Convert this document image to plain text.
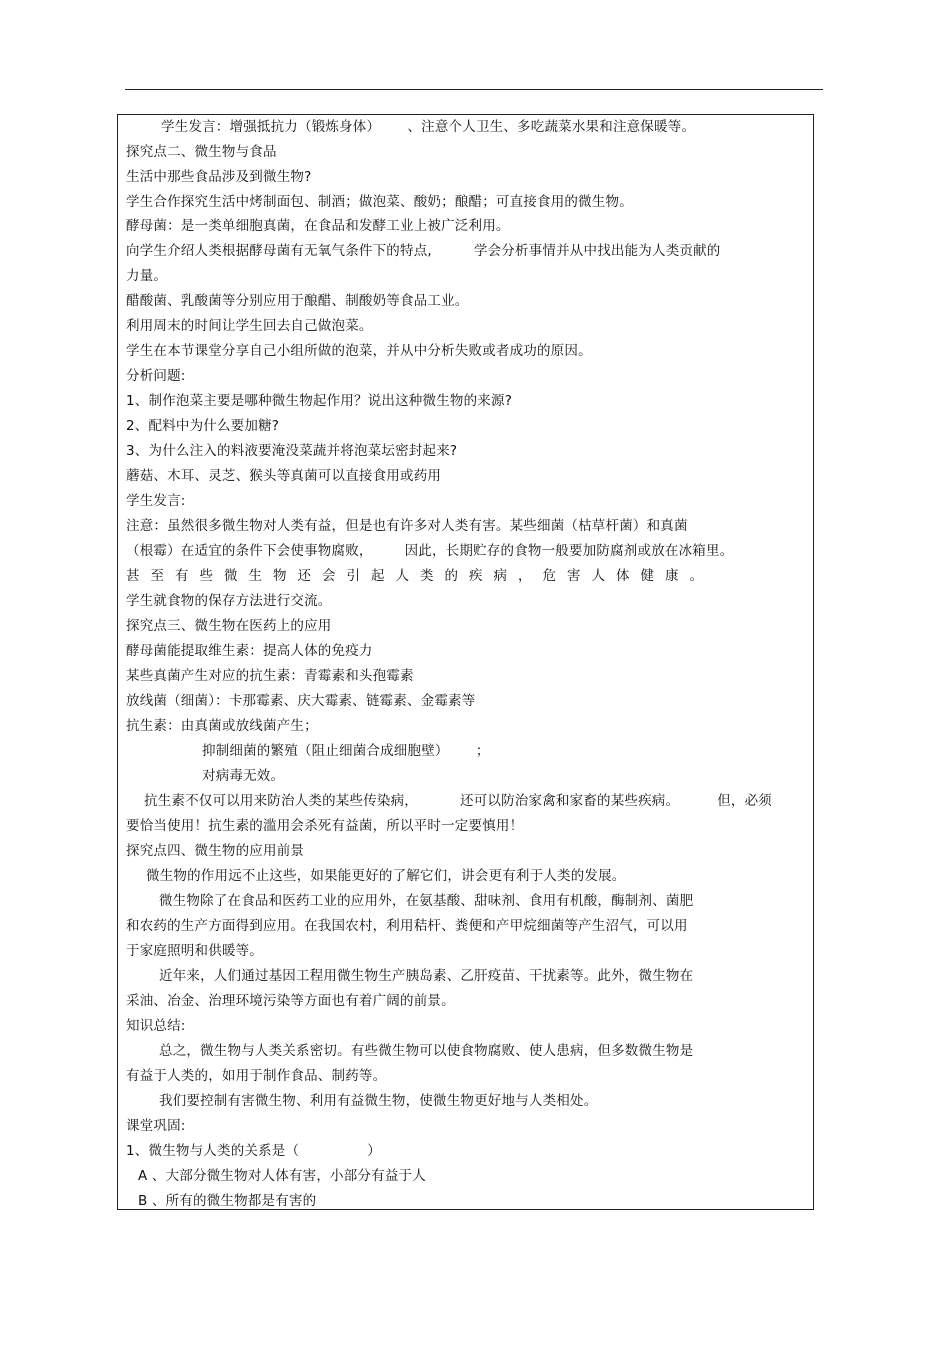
学生发言：增强抵抗力（锻炼身体）	、注意个人卫生、多吃蔬菜水果和注意保暖等。
探究点二、微生物与食品
生活中那些食品涉及到微生物?
学生合作探究生活中烤制面包、制酒；做泡菜、酸奶；酿醋；可直接食用的微生物。
酵母菌：是一类单细胞真菌，在食品和发酵工业上被广泛利用。
向学生介绍人类根据酵母菌有无氧气条件下的特点,	学会分析事情并从中找出能为人类贡献的
力量。
醋酸菌、乳酸菌等分别应用于酿醋、制酸奶等食品工业。
利用周末的时间让学生回去自己做泡菜。
学生在本节课堂分享自己小组所做的泡菜，并从中分析失败或者成功的原因。
分析问题:
1、制作泡菜主要是哪种微生物起作用？说出这种微生物的来源?
2、配料中为什么要加糖?
3、为什么注入的料液要淹没菜蔬并将泡菜坛密封起来?
蘑菇、木耳、灵芝、猴头等真菌可以直接食用或药用
学生发言:
注意：虽然很多微生物对人类有益，但是也有许多对人类有害。某些细菌（枯草杆菌）和真菌
（根霉）在适宜的条件下会使事物腐败， 因此，长期贮存的食物一般要加防腐剂或放在冰箱里。
甚至有些微生物还会引起人类的疾病， 危害人体健康。
学生就食物的保存方法进行交流。
探究点三、微生物在医药上的应用
酵母菌能提取维生素：提高人体的免疫力
某些真菌产生对应的抗生素：青霉素和头孢霉素
放线菌（细菌）：卡那霉素、庆大霉素、链霉素、金霉素等
抗生素：由真菌或放线菌产生；
抑制细菌的繁殖（阻止细菌合成细胞壁）	；
对病毒无效。
抗生素不仅可以用来防治人类的某些传染病，	还可以防治家禽和家畜的某些疾病。	但，必须
要恰当使用！抗生素的滥用会杀死有益菌，所以平时一定要慎用！
探究点四、微生物的应用前景
微生物的作用远不止这些，如果能更好的了解它们，讲会更有利于人类的发展。
微生物除了在食品和医药工业的应用外，在氨基酸、甜味剂、食用有机酸，酶制剂、菌肥
和农药的生产方面得到应用。在我国农村，利用秸杆、粪便和产甲烷细菌等产生沼气，可以用
于家庭照明和供暖等。
近年来，人们通过基因工程用微生物生产胰岛素、乙肝疫苗、干扰素等。此外，微生物在
采油、冶金、治理环境污染等方面也有着广阔的前景。
知识总结:
总之，微生物与人类关系密切。有些微生物可以使食物腐败、使人患病，但多数微生物是
有益于人类的，如用于制作食品、制药等。
我们要控制有害微生物、利用有益微生物，使微生物更好地与人类相处。
课堂巩固:
1、微生物与人类的关系是（	）
A 、大部分微生物对人体有害，小部分有益于人
B 、所有的微生物都是有害的
